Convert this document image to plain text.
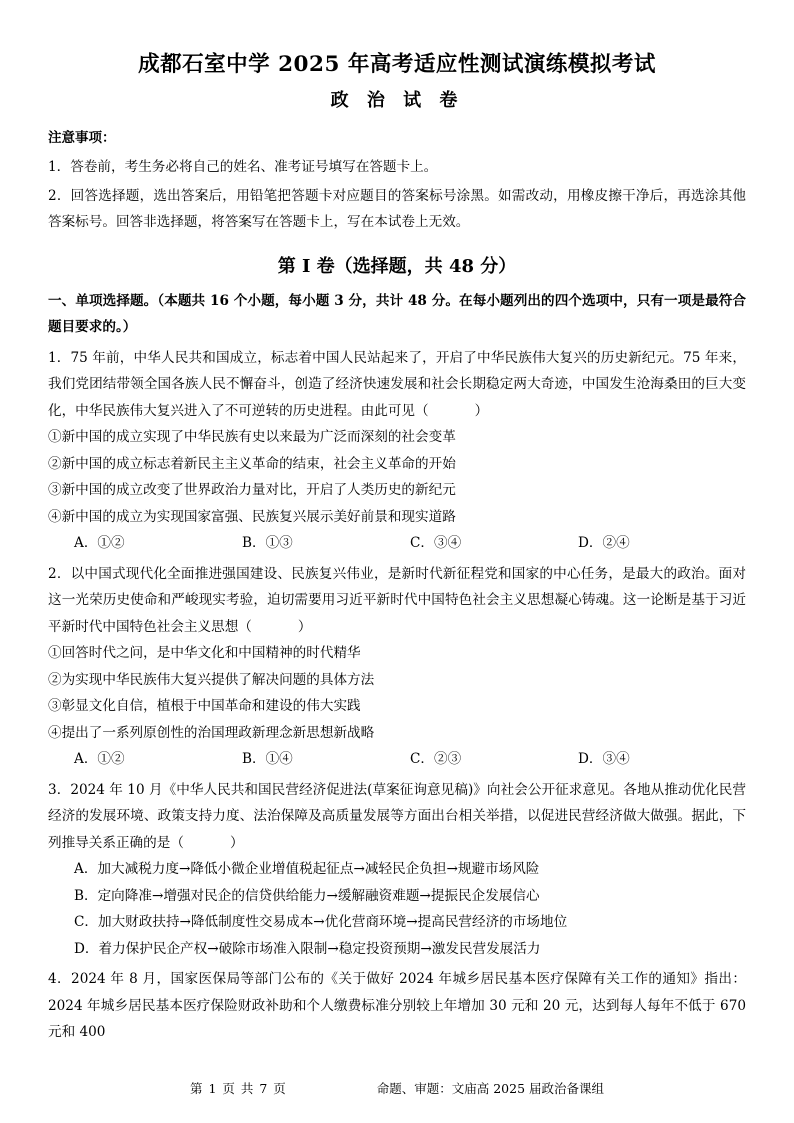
成都石室中学 2025 年高考适应性测试演练模拟考试
政 治 试 卷
注意事项：

1．答卷前，考生务必将自己的姓名、准考证号填写在答题卡上。

2．回答选择题，选出答案后，用铅笔把答题卡对应题目的答案标号涂黑。如需改动，用橡皮擦干净后，再选涂其他答案标号。回答非选择题，将答案写在答题卡上，写在本试卷上无效。

第 I 卷（选择题，共 48 分）
一、单项选择题。（本题共 16 个小题，每小题 3 分，共计 48 分。在每小题列出的四个选项中，只有一项是最符合题目要求的。）

1．75 年前，中华人民共和国成立，标志着中国人民站起来了，开启了中华民族伟大复兴的历史新纪元。75 年来，我们党团结带领全国各族人民不懈奋斗，创造了经济快速发展和社会长期稳定两大奇迹，中国发生沧海桑田的巨大变化，中华民族伟大复兴进入了不可逆转的历史进程。由此可见（	）

①新中国的成立实现了中华民族有史以来最为广泛而深刻的社会变革

②新中国的成立标志着新民主主义革命的结束，社会主义革命的开始

③新中国的成立改变了世界政治力量对比，开启了人类历史的新纪元

④新中国的成立为实现国家富强、民族复兴展示美好前景和现实道路

A．①②	B．①③	C．③④	D．②④

2．以中国式现代化全面推进强国建设、民族复兴伟业，是新时代新征程党和国家的中心任务，是最大的政治。面对这一光荣历史使命和严峻现实考验，迫切需要用习近平新时代中国特色社会主义思想凝心铸魂。这一论断是基于习近平新时代中国特色社会主义思想（	）

①回答时代之问，是中华文化和中国精神的时代精华

②为实现中华民族伟大复兴提供了解决问题的具体方法

③彰显文化自信，植根于中国革命和建设的伟大实践

④提出了一系列原创性的治国理政新理念新思想新战略

A．①②	B．①④	C．②③	D．③④

3．2024 年 10 月《中华人民共和国民营经济促进法(草案征询意见稿)》向社会公开征求意见。各地从推动优化民营经济的发展环境、政策支持力度、法治保障及高质量发展等方面出台相关举措，以促进民营经济做大做强。据此，下列推导关系正确的是（	）

A．加大减税力度→降低小微企业增值税起征点→减轻民企负担→规避市场风险

B．定向降准→增强对民企的信贷供给能力→缓解融资难题→提振民企发展信心

C．加大财政扶持→降低制度性交易成本→优化营商环境→提高民营经济的市场地位

D．着力保护民企产权→破除市场准入限制→稳定投资预期→激发民营发展活力

4．2024 年 8 月，国家医保局等部门公布的《关于做好 2024 年城乡居民基本医疗保障有关工作的通知》指出：2024 年城乡居民基本医疗保险财政补助和个人缴费标准分别较上年增加 30 元和 20 元，达到每人每年不低于 670 元和 400

第 1 页 共 7 页	命题、审题：文庙高 2025 届政治备课组
